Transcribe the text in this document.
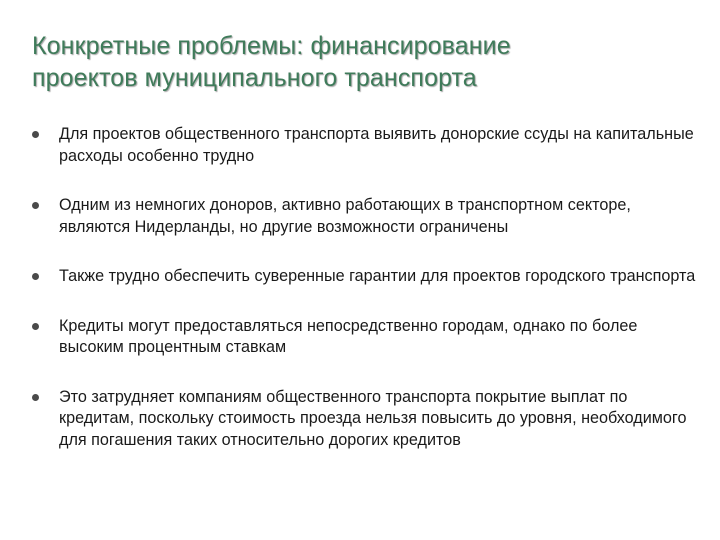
Конкретные проблемы: финансирование
проектов муниципального транспорта
Для проектов общественного транспорта выявить донорские ссуды на капитальные расходы особенно трудно
Одним из немногих доноров, активно работающих в транспортном секторе, являются Нидерланды, но другие возможности ограничены
Также трудно обеспечить суверенные гарантии для проектов городского транспорта
Кредиты могут предоставляться непосредственно городам, однако по более высоким процентным ставкам
Это затрудняет компаниям общественного транспорта покрытие выплат по кредитам, поскольку стоимость проезда нельзя повысить до уровня, необходимого для погашения таких относительно дорогих кредитов
